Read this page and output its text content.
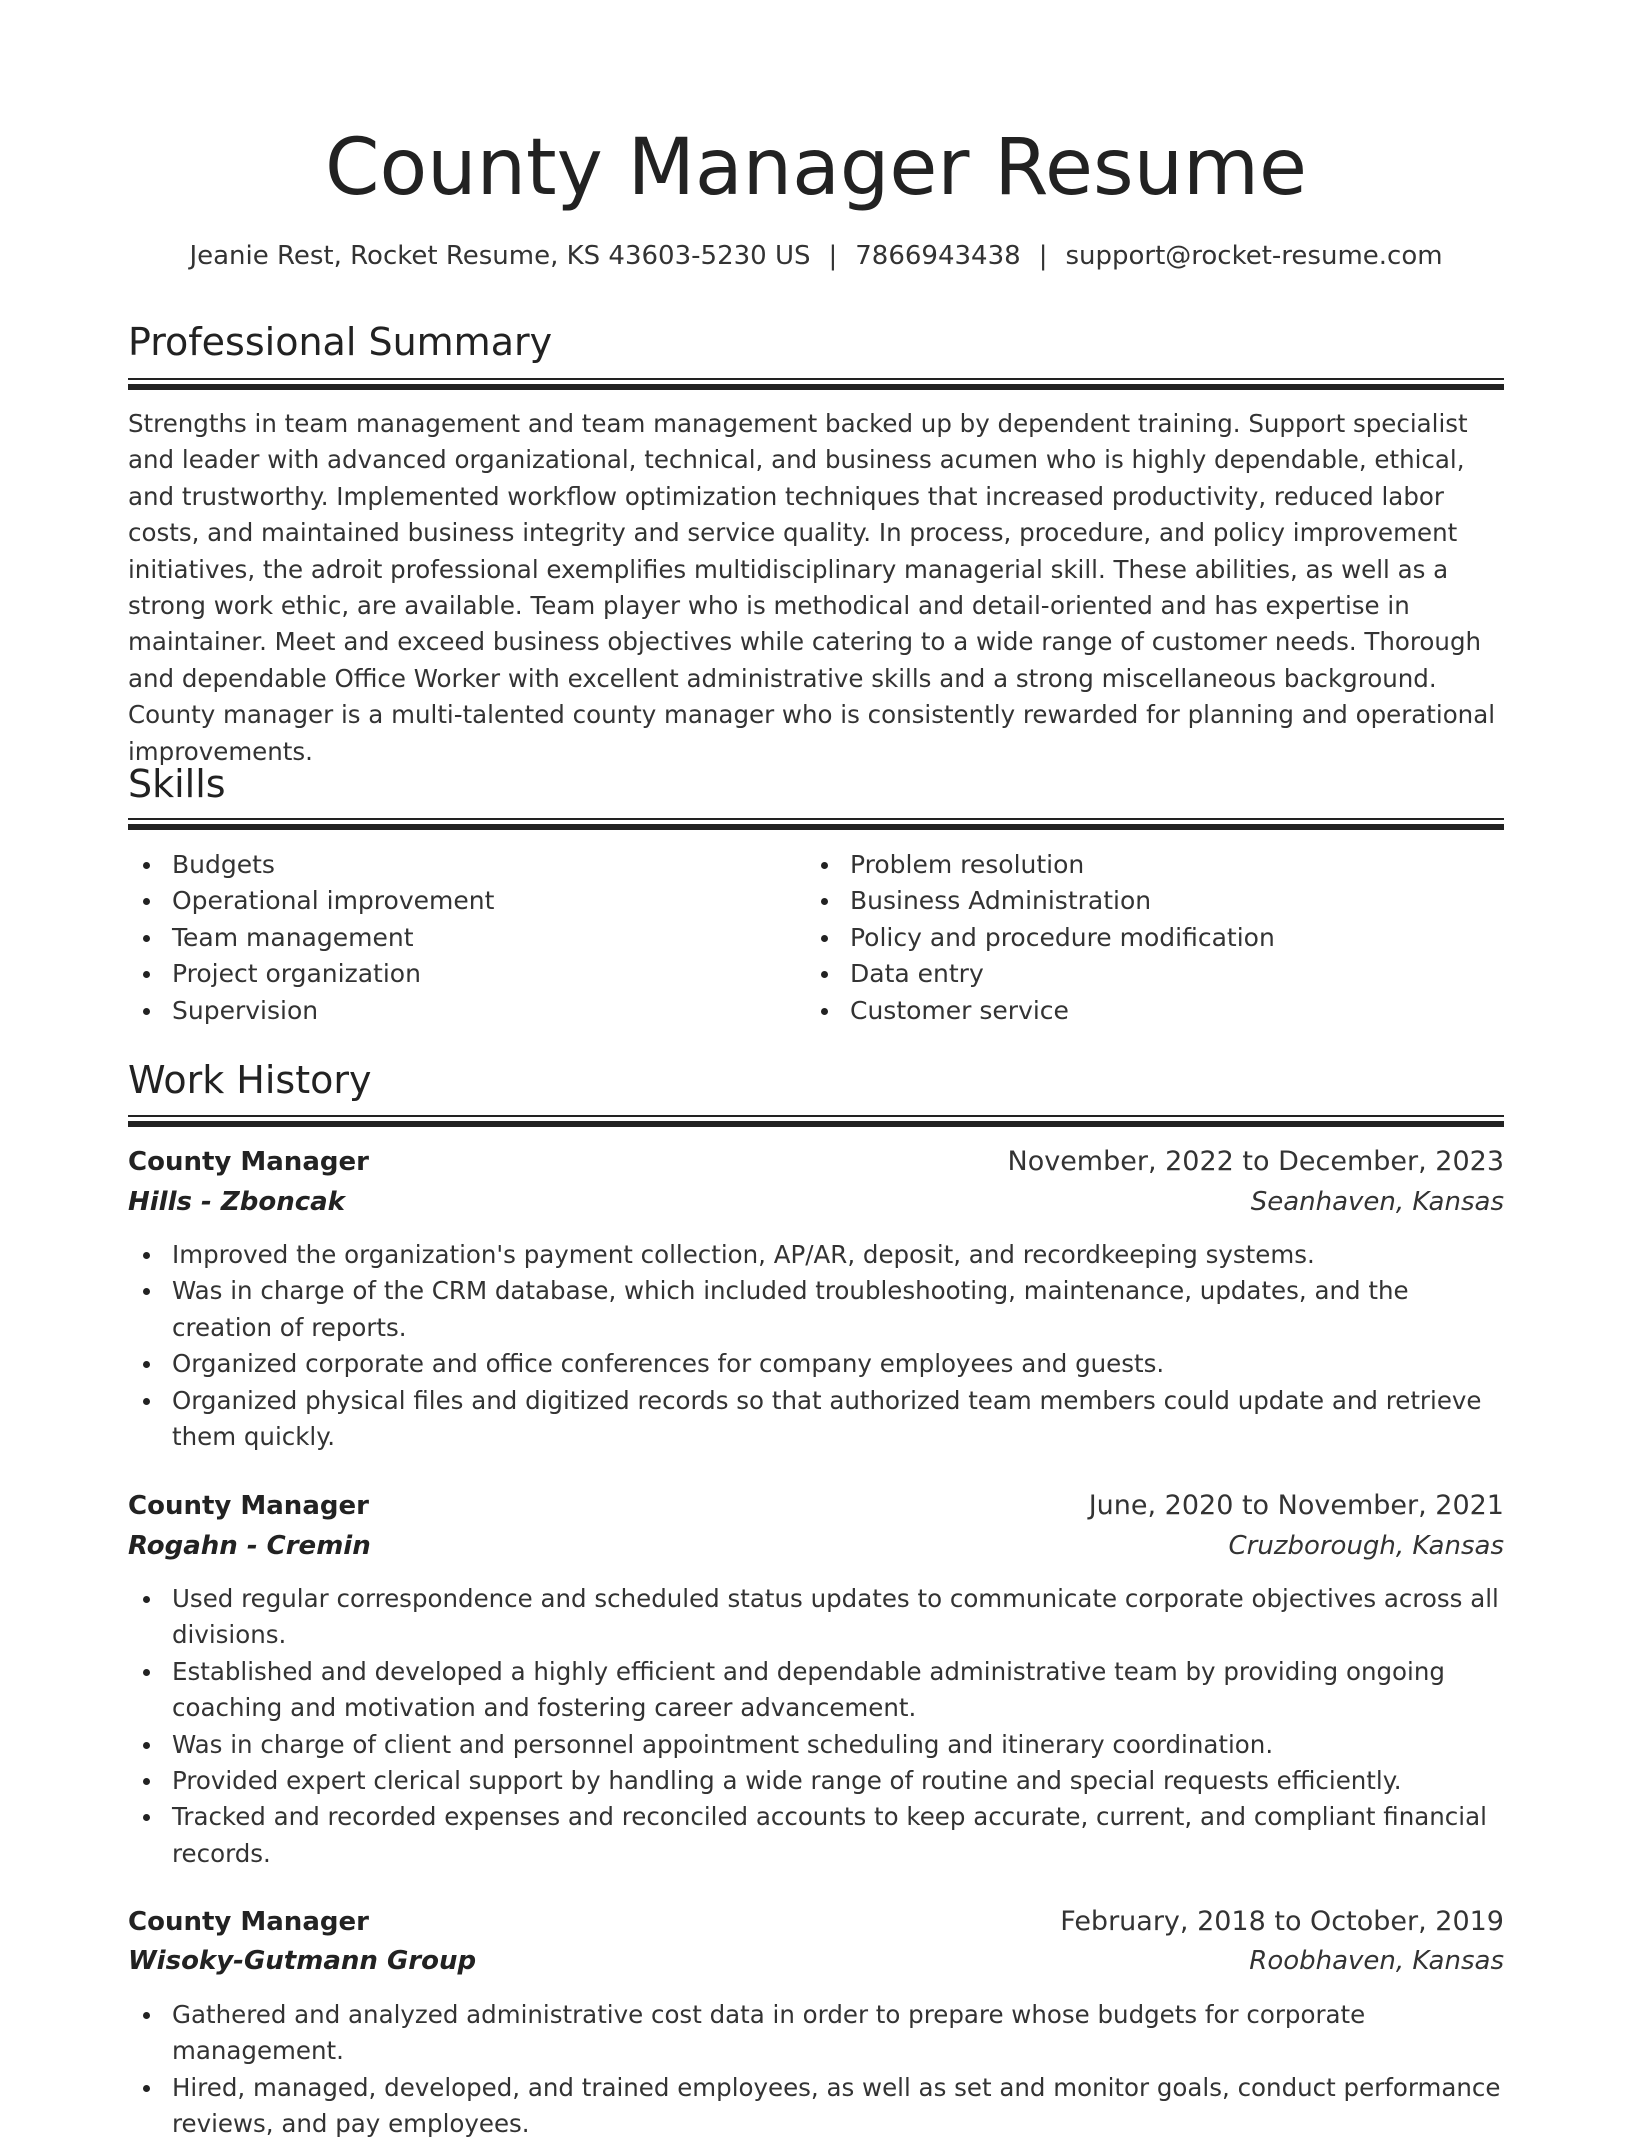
County Manager Resume
Jeanie Rest, Rocket Resume, KS 43603-5230 US | 7866943438 | support@rocket-resume.com
Professional Summary

Strengths in team management and team management backed up by dependent training. Support specialist and leader with advanced organizational, technical, and business acumen who is highly dependable, ethical, and trustworthy. Implemented workflow optimization techniques that increased productivity, reduced labor costs, and maintained business integrity and service quality. In process, procedure, and policy improvement initiatives, the adroit professional exemplifies multidisciplinary managerial skill. These abilities, as well as a strong work ethic, are available. Team player who is methodical and detail-oriented and has expertise in maintainer. Meet and exceed business objectives while catering to a wide range of customer needs. Thorough and dependable Office Worker with excellent administrative skills and a strong miscellaneous background. County manager is a multi-talented county manager who is consistently rewarded for planning and operational improvements.

Skills
Budgets
Operational improvement
Team management
Project organization
Supervision
Problem resolution
Business Administration
Policy and procedure modification
Data entry
Customer service
Work History
County Manager	November, 2022 to December, 2023
Hills - Zboncak	Seanhaven, Kansas
Improved the organization's payment collection, AP/AR, deposit, and recordkeeping systems.
Was in charge of the CRM database, which included troubleshooting, maintenance, updates, and the creation of reports.
Organized corporate and office conferences for company employees and guests.
Organized physical files and digitized records so that authorized team members could update and retrieve them quickly.
County Manager	June, 2020 to November, 2021
Rogahn - Cremin	Cruzborough, Kansas
Used regular correspondence and scheduled status updates to communicate corporate objectives across all divisions.
Established and developed a highly efficient and dependable administrative team by providing ongoing coaching and motivation and fostering career advancement.
Was in charge of client and personnel appointment scheduling and itinerary coordination.
Provided expert clerical support by handling a wide range of routine and special requests efficiently.
Tracked and recorded expenses and reconciled accounts to keep accurate, current, and compliant financial records.
County Manager	February, 2018 to October, 2019
Wisoky-Gutmann Group	Roobhaven, Kansas
Gathered and analyzed administrative cost data in order to prepare whose budgets for corporate management.
Hired, managed, developed, and trained employees, as well as set and monitor goals, conduct performance reviews, and pay employees.
